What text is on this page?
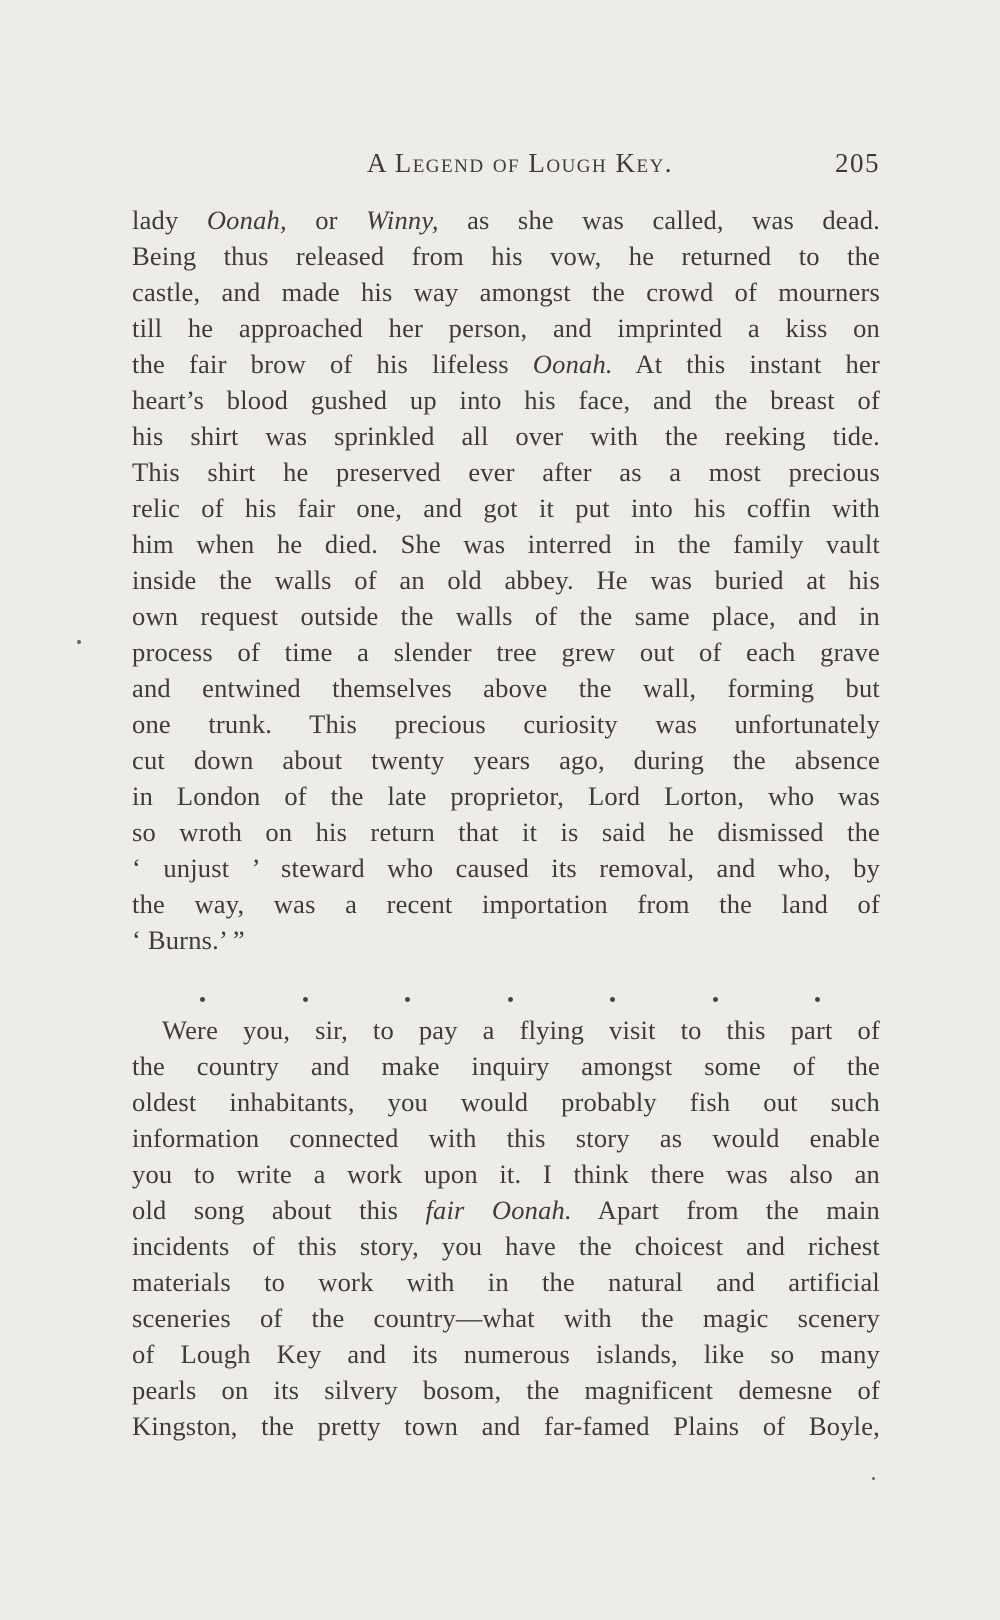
A Legend of Lough Key.	205
lady Oonah, or Winny, as she was called, was dead.
Being thus released from his vow, he returned to the
castle, and made his way amongst the crowd of mourners
till he approached her person, and imprinted a kiss on
the fair brow of his lifeless Oonah. At this instant her
heart’s blood gushed up into his face, and the breast of
his shirt was sprinkled all over with the reeking tide.
This shirt he preserved ever after as a most precious
relic of his fair one, and got it put into his coffin with
him when he died. She was interred in the family vault
inside the walls of an old abbey. He was buried at his
own request outside the walls of the same place, and in
process of time a slender tree grew out of each grave
and entwined themselves above the wall, forming but
one trunk. This precious curiosity was unfortunately
cut down about twenty years ago, during the absence
in London of the late proprietor, Lord Lorton, who was
so wroth on his return that it is said he dismissed the
‘ unjust ’ steward who caused its removal, and who, by
the way, was a recent importation from the land of
‘ Burns.’ ”
Were you, sir, to pay a flying visit to this part of
the country and make inquiry amongst some of the
oldest inhabitants, you would probably fish out such
information connected with this story as would enable
you to write a work upon it. I think there was also an
old song about this fair Oonah. Apart from the main
incidents of this story, you have the choicest and richest
materials to work with in the natural and artificial
sceneries of the country—what with the magic scenery
of Lough Key and its numerous islands, like so many
pearls on its silvery bosom, the magnificent demesne of
Kingston, the pretty town and far-famed Plains of Boyle,
